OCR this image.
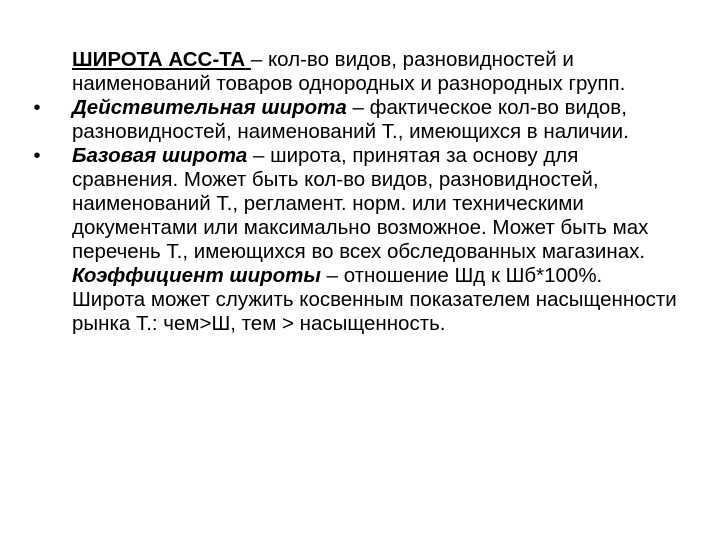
ШИРОТА АСС-ТА – кол-во видов, разновидностей и наименований товаров однородных и разнородных групп.

• Действительная широта – фактическое кол-во видов, разновидностей, наименований Т., имеющихся в наличии.

• Базовая широта – широта, принятая за основу для сравнения. Может быть кол-во видов, разновидностей, наименований Т., регламент. норм. или техническими документами или максимально возможное. Может быть мах перечень Т., имеющихся во всех обследованных магазинах.

Коэффициент широты – отношение Шд к Шб*100%.

Широта может служить косвенным показателем насыщенности рынка Т.: чем>Ш, тем > насыщенность.
